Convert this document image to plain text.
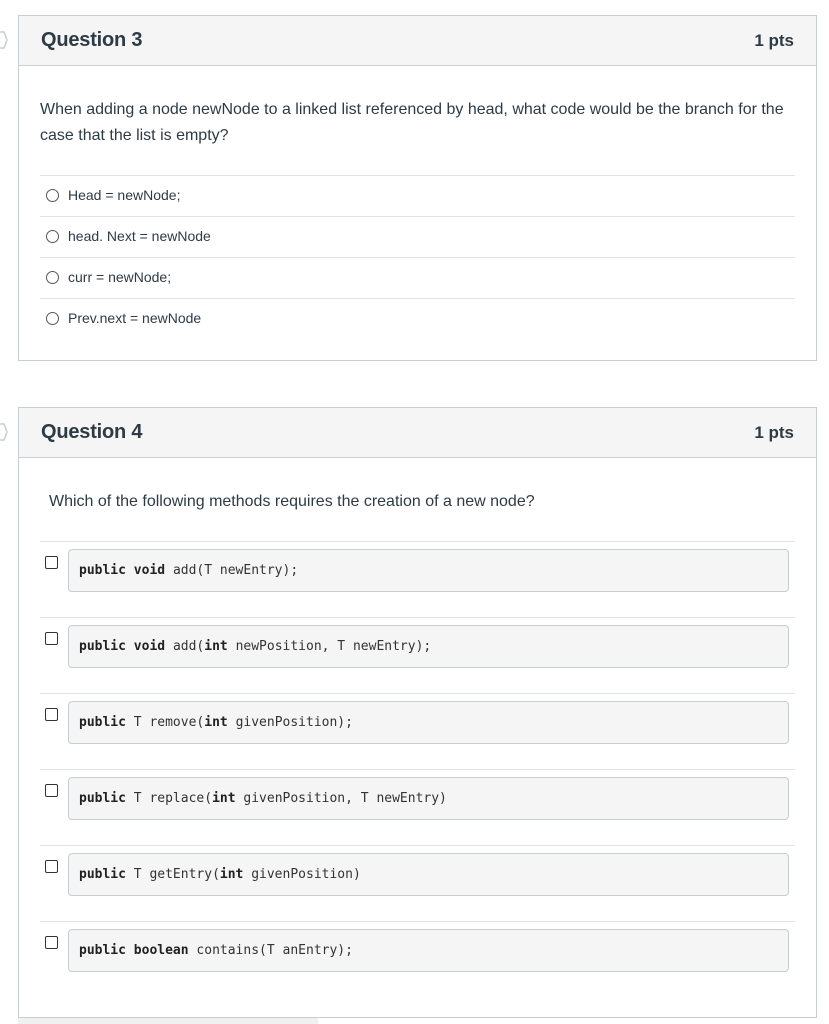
Question 3	1 pts
When adding a node newNode to a linked list referenced by head, what code would be the branch for the case that the list is empty?
Head = newNode;
head. Next = newNode
curr = newNode;
Prev.next = newNode
Question 4	1 pts
Which of the following methods requires the creation of a new node?
public void add(T newEntry);
public void add(int newPosition, T newEntry);
public T remove(int givenPosition);
public T replace(int givenPosition, T newEntry)
public T getEntry(int givenPosition)
public boolean contains(T anEntry);
